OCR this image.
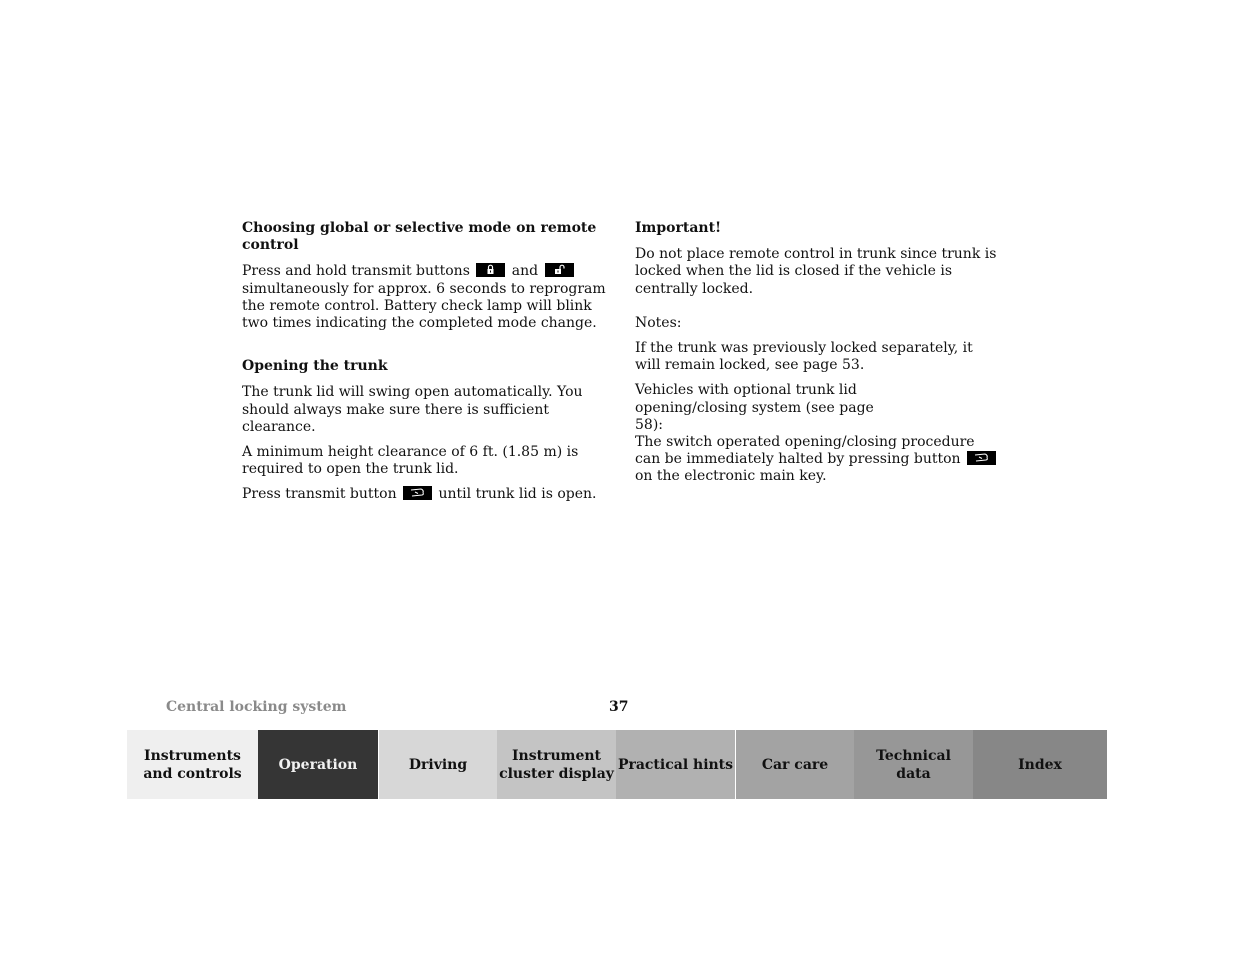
Choosing global or selective mode on remote control

Press and hold transmit buttons	and
simultaneously for approx. 6 seconds to reprogram the remote control. Battery check lamp will blink two times indicating the completed mode change.

Opening the trunk

The trunk lid will swing open automatically. You should always make sure there is sufficient clearance.

A minimum height clearance of 6 ft. (1.85 m) is required to open the trunk lid.

Press transmit button	until trunk lid is open.

Important!

Do not place remote control in trunk since trunk is locked when the lid is closed if the vehicle is centrally locked.

Notes:

If the trunk was previously locked separately, it will remain locked, see page 53.

Vehicles with optional trunk lid opening/closing system (see page 58):
The switch operated opening/closing procedure can be immediately halted by pressing button
on the electronic main key.

Central locking system	37
Instruments
and controls
Operation	Driving
Instrument
cluster display
Practical hints Car care
Technical
data
Index
